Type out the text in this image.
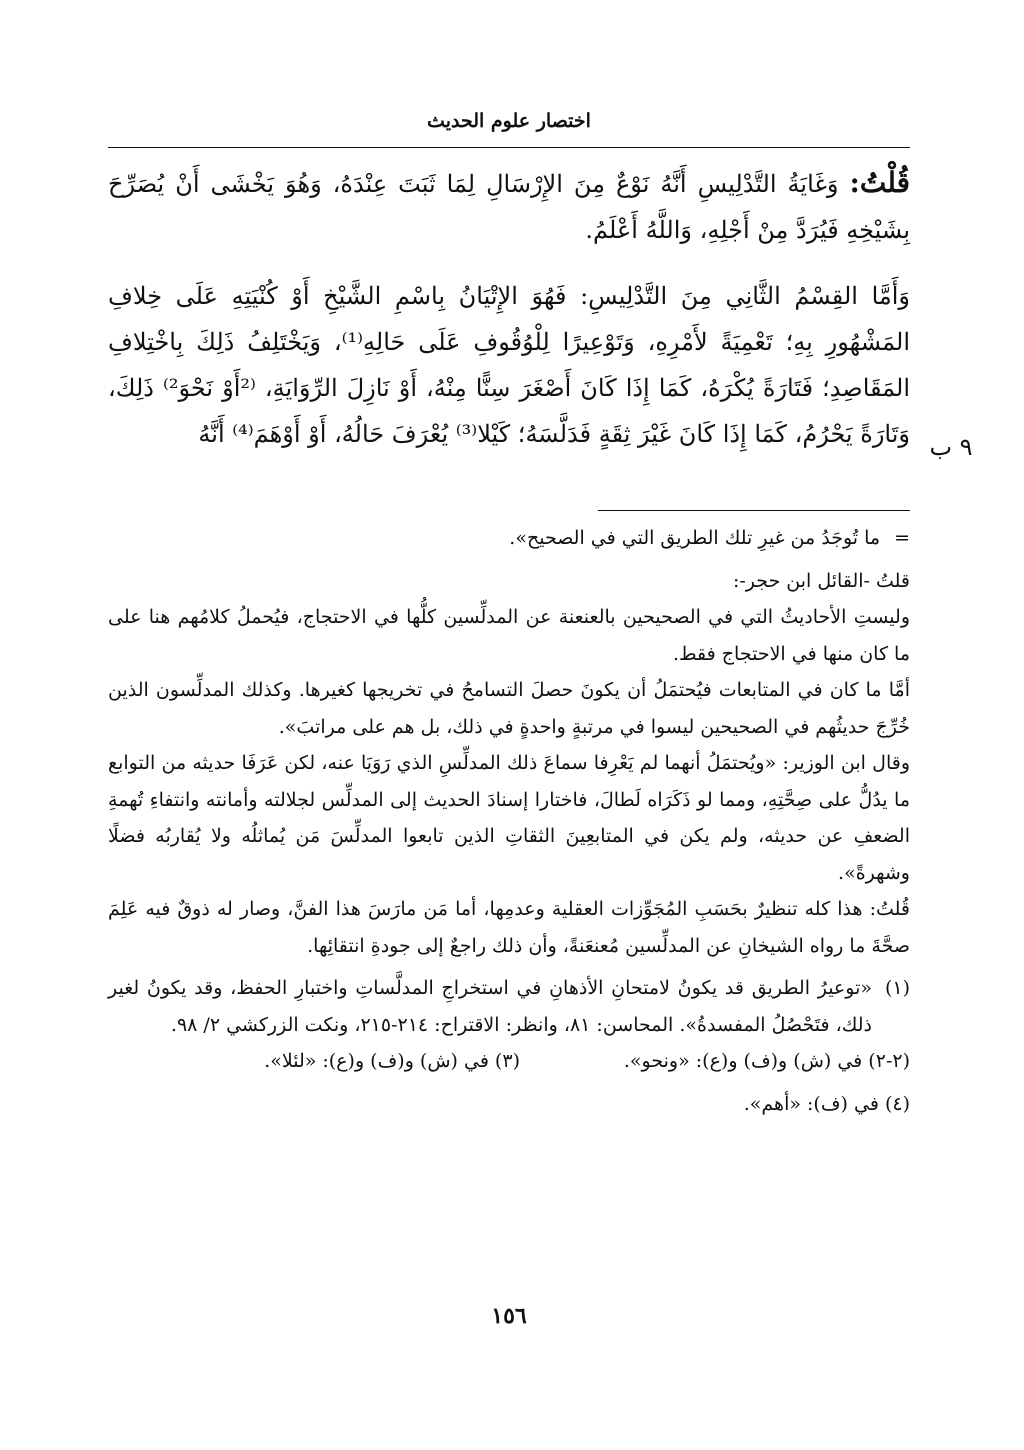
اختصار علوم الحديث
٩ ب

قُلْتُ: وَغَايَةُ التَّدْلِيسِ أَنَّهُ نَوْعٌ مِنَ الإِرْسَالِ لِمَا ثَبَتَ عِنْدَهُ، وَهُوَ يَخْشَى أَنْ يُصَرِّحَ بِشَيْخِهِ فَيُرَدَّ مِنْ أَجْلِهِ، وَاللَّهُ أَعْلَمُ.

وَأَمَّا القِسْمُ الثَّانِي مِنَ التَّدْلِيسِ: فَهُوَ الإِتْيَانُ بِاسْمِ الشَّيْخِ أَوْ كُنْيَتِهِ عَلَى خِلافِ المَشْهُورِ بِهِ؛ تَعْمِيَةً لأَمْرِهِ، وَتَوْعِيرًا لِلْوُقُوفِ عَلَى حَالِهِ⁽¹⁾، وَيَخْتَلِفُ ذَلِكَ بِاخْتِلافِ المَقَاصِدِ؛ فَتَارَةً يُكْرَهُ، كَمَا إِذَا كَانَ أَصْغَرَ سِنًّا مِنْهُ، أَوْ نَازِلَ الرِّوَايَةِ، ⁽²أَوْ نَحْوَ²⁾ ذَلِكَ، وَتَارَةً يَحْرُمُ، كَمَا إِذَا كَانَ غَيْرَ ثِقَةٍ فَدَلَّسَهُ؛ كَيْلا⁽³⁾ يُعْرَفَ حَالُهُ، أَوْ أَوْهَمَ⁽⁴⁾ أَنَّهُ

=ما تُوجَدُ من غيرِ تلك الطريق التي في الصحيح».

قلتُ -القائل ابن حجر-:

وليستِ الأحاديثُ التي في الصحيحين بالعنعنة عن المدلِّسين كلُّها في الاحتجاج، فيُحملُ كلامُهم هنا على ما كان منها في الاحتجاج فقط.

أمَّا ما كان في المتابعات فيُحتمَلُ أن يكونَ حصلَ التسامحُ في تخريجها كغيرها. وكذلك المدلِّسون الذين خُرِّجَ حديثُهم في الصحيحين ليسوا في مرتبةٍ واحدةٍ في ذلك، بل هم على مراتبَ».

وقال ابن الوزير: «ويُحتمَلُ أنهما لم يَعْرِفا سماعَ ذلك المدلِّسِ الذي رَوَيَا عنه، لكن عَرَفَا حديثه من التوابع ما يدُلُّ على صِحَّتِهِ، ومما لو ذَكَرَاه لَطالَ، فاختارا إسنادَ الحديث إلى المدلِّس لجلالته وأمانته وانتفاءِ تُهمةِ الضعفِ عن حديثه، ولم يكن في المتابعِينَ الثقاتِ الذين تابعوا المدلِّسَ مَن يُماثلُه ولا يُقاربُه فضلًا وشهرةً».

قُلتُ: هذا كله تنظيرٌ بحَسَبِ المُجَوِّزات العقلية وعدمِها، أما مَن مارَسَ هذا الفنَّ، وصار له ذوقٌ فيه عَلِمَ صحَّةَ ما رواه الشيخانِ عن المدلِّسين مُعنعَنةً، وأن ذلك راجعٌ إلى جودةِ انتقائِها.

(١)
«توعيرُ الطريق قد يكونُ لامتحانِ الأذهانِ في استخراجِ المدلَّساتِ واختبارِ الحفظ، وقد يكونُ لغير ذلك، فتَحْصُلُ المفسدةُ». المحاسن: ٨١، وانظر: الاقتراح: ٢١٤-٢١٥، ونكت الزركشي ٢/ ٩٨.

(٢-٢) في (ش) و(ف) و(ع): «ونحو».
(٣) في (ش) و(ف) و(ع): «لئلا».

(٤) في (ف): «أهم».

١٥٦
